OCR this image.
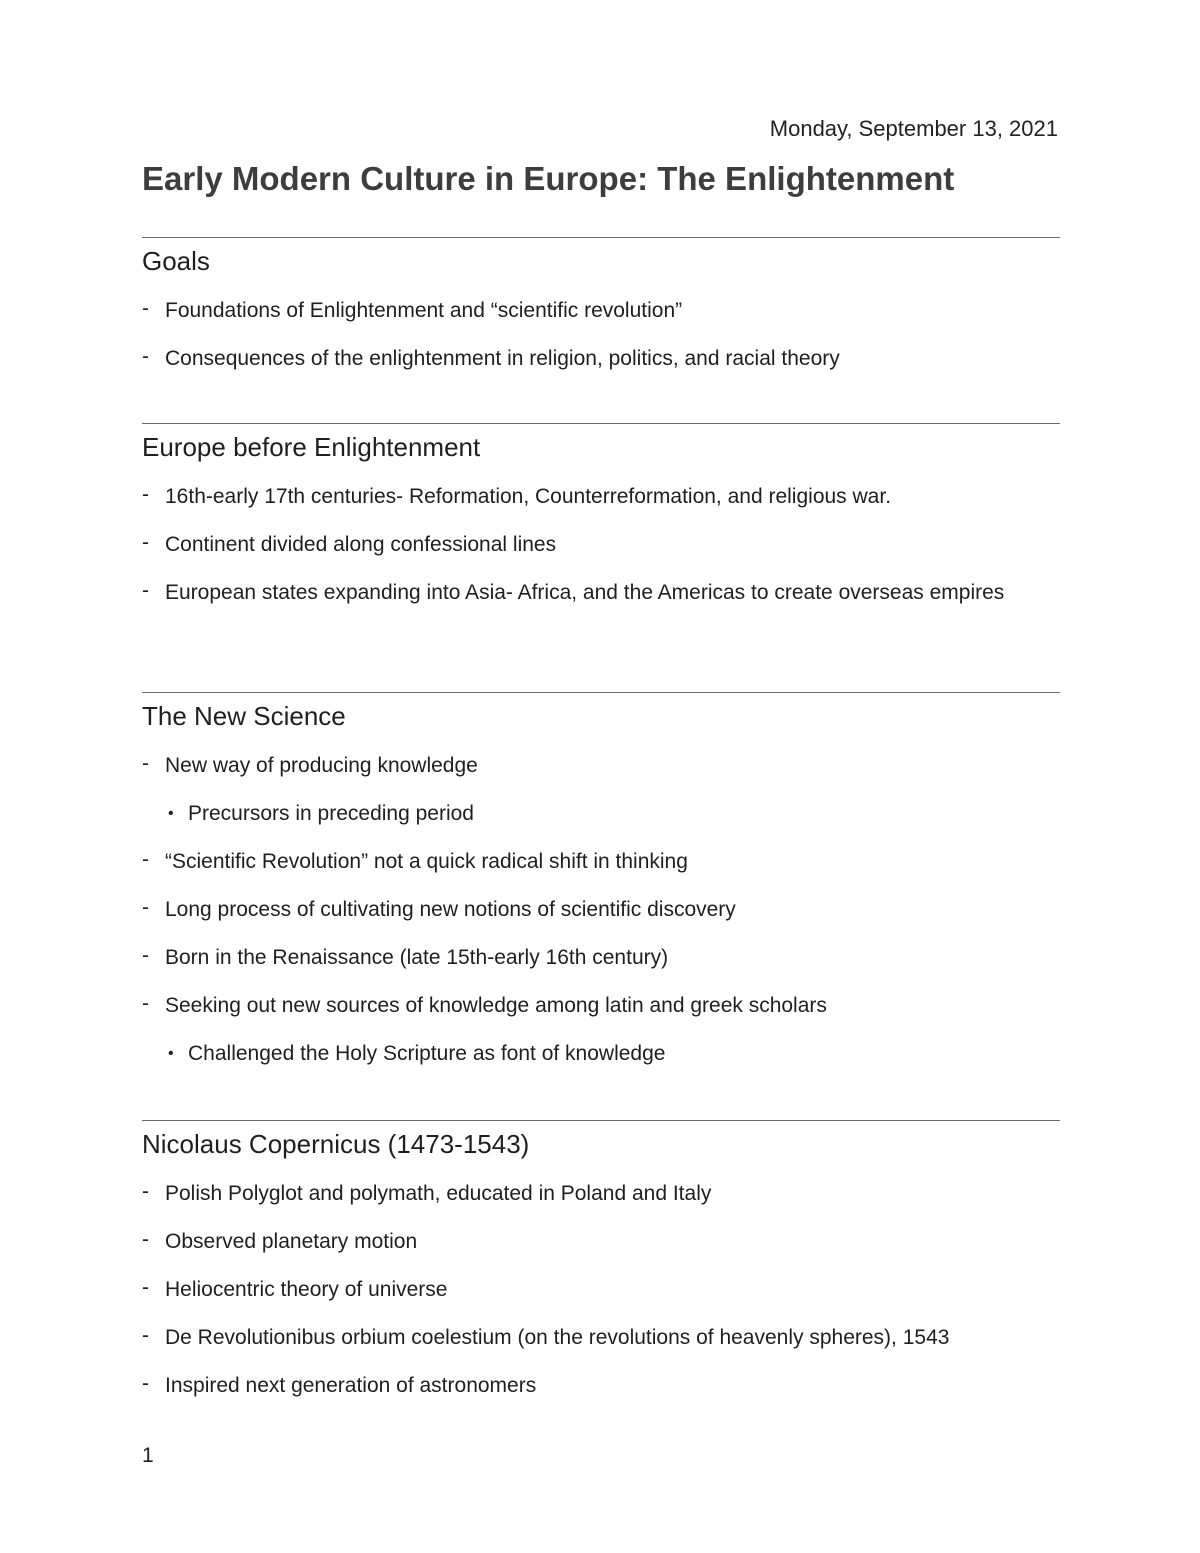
Monday, September 13, 2021
Early Modern Culture in Europe: The Enlightenment
Goals
- Foundations of Enlightenment and “scientific revolution”
- Consequences of the enlightenment in religion, politics, and racial theory
Europe before Enlightenment
- 16th-early 17th centuries- Reformation, Counterreformation, and religious war.
- Continent divided along confessional lines
- European states expanding into Asia- Africa, and the Americas to create overseas empires
The New Science
- New way of producing knowledge
• Precursors in preceding period
- “Scientific Revolution” not a quick radical shift in thinking
- Long process of cultivating new notions of scientific discovery
- Born in the Renaissance (late 15th-early 16th century)
- Seeking out new sources of knowledge among latin and greek scholars
• Challenged the Holy Scripture as font of knowledge
Nicolaus Copernicus (1473-1543)
- Polish Polyglot and polymath, educated in Poland and Italy
- Observed planetary motion
- Heliocentric theory of universe
- De Revolutionibus orbium coelestium (on the revolutions of heavenly spheres), 1543
- Inspired next generation of astronomers
1
